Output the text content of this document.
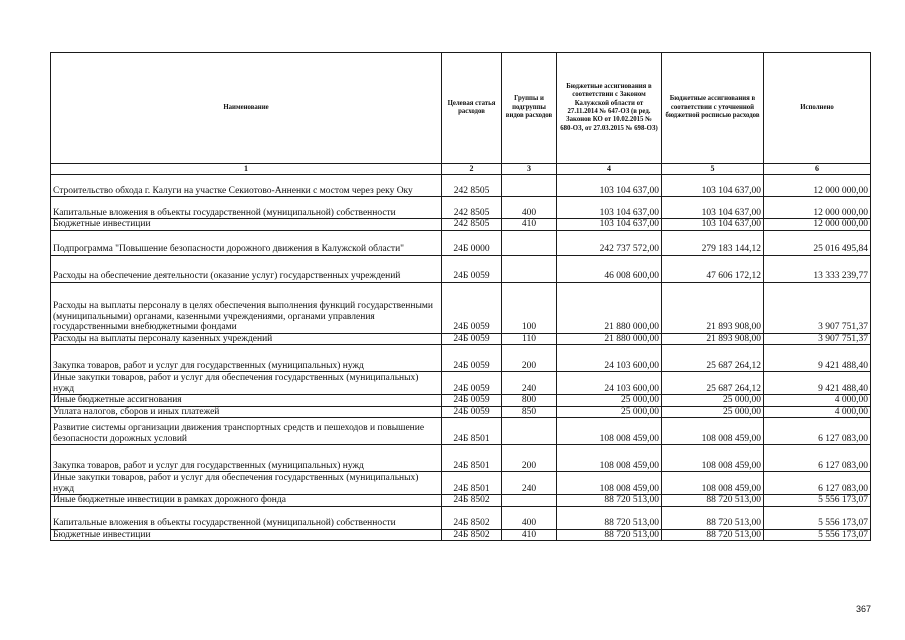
Наименование	Целевая статья расходов	Группы и подгруппы видов расходов	Бюджетные ассигнования в соответствии с Законом Калужской области от 27.11.2014 № 647-ОЗ (в ред. Законов КО от 10.02.2015 № 680-ОЗ, от 27.03.2015 № 698-ОЗ)	Бюджетные ассигнования в соответствии с уточненной бюджетной росписью расходов	Исполнено
1	2	3	4	5	6
Строительство обхода г. Калуги на участке Секиотово-Анненки с мостом через реку Оку	242 8505		103 104 637,00	103 104 637,00	12 000 000,00
Капитальные вложения в объекты государственной (муниципальной) собственности	242 8505	400	103 104 637,00	103 104 637,00	12 000 000,00
Бюджетные инвестиции	242 8505	410	103 104 637,00	103 104 637,00	12 000 000,00
Подпрограмма "Повышение безопасности дорожного движения в Калужской области"	24Б 0000		242 737 572,00	279 183 144,12	25 016 495,84
Расходы на обеспечение деятельности (оказание услуг) государственных учреждений	24Б 0059		46 008 600,00	47 606 172,12	13 333 239,77
Расходы на выплаты персоналу в целях обеспечения выполнения функций государственными (муниципальными) органами, казенными учреждениями, органами управления государственными внебюджетными фондами	24Б 0059	100	21 880 000,00	21 893 908,00	3 907 751,37
Расходы на выплаты персоналу казенных учреждений	24Б 0059	110	21 880 000,00	21 893 908,00	3 907 751,37
Закупка товаров, работ и услуг для государственных (муниципальных) нужд	24Б 0059	200	24 103 600,00	25 687 264,12	9 421 488,40
Иные закупки товаров, работ и услуг для обеспечения государственных (муниципальных) нужд	24Б 0059	240	24 103 600,00	25 687 264,12	9 421 488,40
Иные бюджетные ассигнования	24Б 0059	800	25 000,00	25 000,00	4 000,00
Уплата налогов, сборов и иных платежей	24Б 0059	850	25 000,00	25 000,00	4 000,00
Развитие системы организации движения транспортных средств и пешеходов и повышение безопасности дорожных условий	24Б 8501		108 008 459,00	108 008 459,00	6 127 083,00
Закупка товаров, работ и услуг для государственных (муниципальных) нужд	24Б 8501	200	108 008 459,00	108 008 459,00	6 127 083,00
Иные закупки товаров, работ и услуг для обеспечения государственных (муниципальных) нужд	24Б 8501	240	108 008 459,00	108 008 459,00	6 127 083,00
Иные бюджетные инвестиции в рамках дорожного фонда	24Б 8502		88 720 513,00	88 720 513,00	5 556 173,07
Капитальные вложения в объекты государственной (муниципальной) собственности	24Б 8502	400	88 720 513,00	88 720 513,00	5 556 173,07
Бюджетные инвестиции	24Б 8502	410	88 720 513,00	88 720 513,00	5 556 173,07
367
